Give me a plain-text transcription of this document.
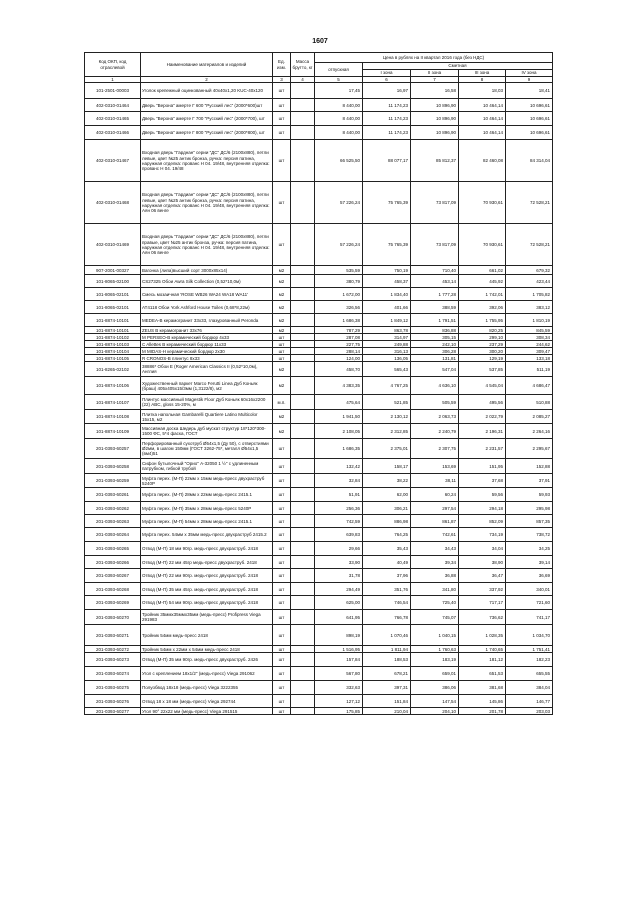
1607
Код ОКП, код отраслевой	Наименование материалов и изделий	Ед. изм.	Масса брутто, кг	Цена в рублях на II квартал 2016 года (без НДС)				
				отпускная	Сметная			
					I зона	II зона	III зона	IV зона
1	2	3	4	5	6	7	8	9
101-2501-00003	Уголок крепежный оцинкованный 40х40х1,20 KUC-40х120	шт		17,45	16,97	16,58	18,03	18,41
402-0310-01464	Дверь "Верона" амерте Г 600 "Русский лес" (2000*600)шт	шт		8 440,00	11 174,23	10 896,90	10 464,14	10 696,61
402-0310-01465	Дверь "Верона" амерте Г 700 "Русский лес" (2000*700), шт	шт		8 440,00	11 174,23	10 896,90	10 464,14	10 696,61
402-0310-01466	Дверь "Верона" амерте Г 800 "Русский лес" (2000*800), шт	шт		8 440,00	11 174,23	10 896,90	10 464,14	10 696,61
402-0310-01467	Входная дверь "Гарднан" серии "ДС" ДС/6 (2100х880), петли левые, цвет №25 антик бронза, ручка: персия патина, наружная отделка: прованс Н 04. 19/48, внутренняя отделка: прованс Н 04. 19/48	шт		66 525,50	88 077,17	85 812,37	82 460,08	84 314,04
402-0310-01468	Входная дверь "Гардиан" серии "ДС" ДС/6 (2100х880), петли левые, цвет №25 антик бронза, ручка: персия патина, наружная отделка: прованс Н 04. 19/48, внутренняя отделка: Аян 06 венге	шт		57 226,24	75 765,39	73 817,09	70 930,61	72 528,21
402-0310-01469	Входная дверь "Гардиан" серии "ДС" ДС/6 (2100х880), петли правые, цвет №25 антик бронза, ручка: персия патина, наружная отделка: прованс Н 04. 19/48, внутренняя отделка: Аян 06 венге	шт		57 226,24	75 765,39	73 817,09	70 930,61	72 528,21
907-2001-00327	Вагонка (липа)высший сорт 3000х85х14)	м2		535,59	750,19	710,40	661,02	679,32
101-8065-02100	CS27325 Обои Awra Silk Collection (0,52*10,0м)	м2		380,79	458,37	453,14	445,92	423,44
101-8065-02101	Смесь мозаичная 'ROSE WB26 WA24 WA18 WA11'	м2		1 672,00	1 834,40	1 777,28	1 742,01	1 705,82
101-8065-02101	AT4118 Обои York Ashford House Toiles (0,68*8,22м)	м2		326,56	401,66	388,59	392,06	383,12
101-8874-10101	MEDEA-В керамогранит 33х33, глазурованный Peronda	м2		1 686,38	1 849,12	1 791,51	1 755,95	1 810,19
101-8874-10101	ZEUS В керамогранит 33х76	м2		787,29	863,78	836,88	820,25	845,59
101-8874-10102	M PERSEO-В керамический бордюр 4х33	шт		287,08	314,97	305,15	299,10	308,34
101-8874-10103	C Allettes В керамический бордюр 11х33	шт		227,75	249,88	242,10	237,29	244,62
101-8874-10104	M MIDAS-Н керамический бордюр 2х30	шт		288,14	316,13	306,28	300,20	309,47
101-8874-10105	R CRONOS-В плинтус 8х33	шт		124,00	136,05	131,81	129,19	133,18
101-8265-02102	38886* Обои E (Roger American Classics II (0,52*10,0м), Англия	м2		458,70	565,43	547,04	537,85	511,19
101-8874-10106	Художественный паркет Marco Ferutti Linea Дуб Коньяк (браш) 405х405х15/3мм (1,3122/8), м2	м2		4 383,35	4 767,25	4 636,10	4 545,04	4 686,47
101-8874-10107	Плинтус массивный Magestik Floor Дуб Коньяк 60х16х2200 (22) ABC, gloss 15-20%, м	м.п.		475,64	521,85	505,59	495,56	510,88
101-8874-10108	Плитка напольная Gambarelli Quartiere Latino Multicolor 15х15, м2	м2		1 941,50	2 130,12	2 063,73	2 022,79	2 085,27
101-8874-10109	Массивная доска Шедерь дуб мускат структур 18*120*300-1500 ФС, 5*4 фаска, ГОСТ	м2		2 108,05	2 312,85	2 240,79	2 196,31	2 264,16
201-0393-60257	Перфорированный сухотруб Ø54х1,5 (Ду 50), с отверстиями Ø2мм, в шагом 150мм (ГОСТ 3262-75*, металл Ø54х1,5 (вм4)51	шт		1 686,35	2 375,01	2 307,75	2 231,57	2 295,67
201-0393-60258	Сифон бутылочный "Орио" A-32050 1 ½" с удлиненным патрубком, гибкой трубой	шт		132,42	158,17	153,69	151,95	152,88
201-0393-60259	Муфта перех. (М-П) 22мм х 15мм медь-пресс двухраструб 5240P	шт		32,84	38,22	38,11	37,68	37,91
201-0393-60261	Муфта перех. (М-П) 28мм х 22мм медь-пресс 2415.1	шт		51,91	62,00	60,24	59,56	59,93
201-0393-60262	Муфта перех. (М-П) 35мм х 28мм медь-пресс 5240P	шт		256,36	306,21	297,54	294,18	295,98
201-0393-60263	Муфта перех. (М-П) 54мм х 28мм медь-пресс 2415.1	шт		742,59	886,98	861,87	852,09	857,35
201-0393-60264	Муфта перех. 54мм х 35мм медь-пресс двухраструб 2415.2	шт		639,83	764,25	742,61	734,19	738,72
201-0393-60265	Отвод (М-П) 18 мм 90гр. медь-пресс двухраструб. 2418	шт		29,66	35,43	34,43	34,04	34,25
201-0393-60266	Отвод (М-П) 22 мм 45гр медь-пресс двухраструб. 2418	шт		33,90	40,49	39,34	38,90	39,14
201-0393-60267	Отвод (М-П) 22 мм 90гр. медь-пресс двухраструб. 2418	шт		31,78	37,96	36,88	36,47	36,69
201-0393-60268	Отвод (М-П) 35 мм 45гр. медь-пресс двухраструб. 2418	шт		294,49	351,76	341,80	337,92	340,01
201-0393-60269	Отвод (М-П) 54 мм 90гр. медь-пресс двухраструб. 2418	шт		625,00	746,54	725,40	717,17	721,60
201-0393-60270	Тройник 35ммх35ммх35мм (медь-пресс) Profipress Viega 291983	шт		641,95	766,78	745,07	736,62	741,17
201-0393-60271	Тройник 54мм медь-пресс 2418	шт		898,19	1 070,46	1 040,15	1 028,35	1 034,70
201-0393-60272	Тройник 54мм х 22мм х 54мм медь-пресс 2418	шт		1 516,95	1 811,94	1 760,63	1 740,65	1 751,41
201-0393-60273	Отвод (М-П) 35 мм 90гр. медь-пресс двухраструб. 2426	шт		157,84	188,53	183,19	181,12	182,23
201-0393-60274	Угол с креплением 18х1/2" (медь-пресс) Viega 291062	шт		567,80	678,21	659,01	651,53	655,55
201-0393-60275	Полуобвод 18х18 (медь-пресс) Viega 3222355	шт		332,63	397,31	386,06	381,68	384,04
201-0393-60276	Отвод 18 х 18 мм (медь-пресс) Viega 292744	шт		127,12	151,84	147,54	145,86	146,77
201-0393-60277	Угол 90° 22х22 мм (медь-пресс) Viega 291515	шт		175,85	210,04	204,10	201,78	203,03
